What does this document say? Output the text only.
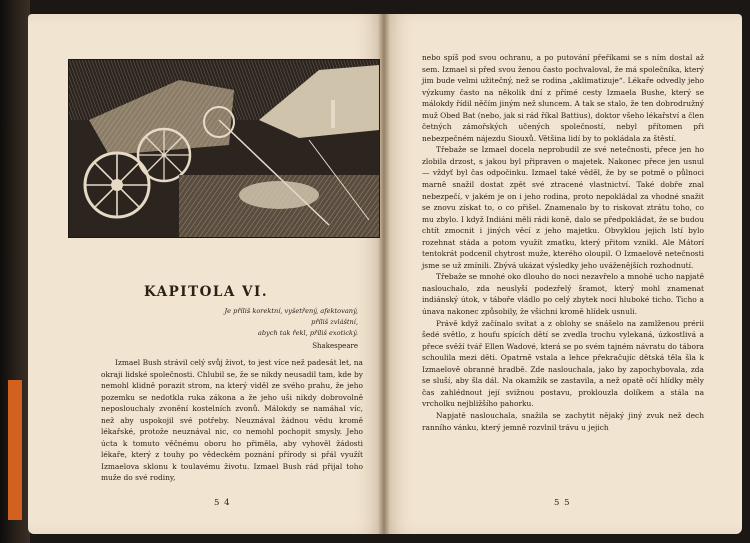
KAPITOLA VI.
Je příliš korektní, vyšetřený, afektovaný,
příliš zvláštní,
abych tak řekl, příliš exotický.
Shakespeare
Izmael Bush strávil celý svůj život, to jest více než padesát let, na okraji lidské společnosti. Chlubil se, že se nikdy neusadil tam, kde by nemohl klidně porazit strom, na který viděl ze svého prahu, že jeho pozemku se nedotkla ruka zákona a že jeho uši nikdy dobrovolně neposlouchaly zvonění kostelních zvonů. Málokdy se namáhal víc, než aby uspokojil své potřeby. Neuznával žádnou vědu kromě lékařské, protože neuznával nic, co nemohl pochopit smysly. Jeho úcta k tomuto věčnému oboru ho přiměla, aby vyhověl žádosti lékaře, který z touhy po vědeckém poznání přírody si přál využít Izmaelova sklonu k toulavému životu. Izmael Bush rád přijal toho muže do své rodiny,
5 4

nebo spíš pod svou ochranu, a po putování přeříkami se s ním dostal až sem. Izmael si před svou ženou často pochvaloval, že má společníka, který jim bude velmi užitečný, než se rodina „aklimatizuje“. Lékaře odvedly jeho výzkumy často na několik dní z přímé cesty Izmaela Bushe, který se málokdy řídil něčím jiným než sluncem. A tak se stalo, že ten dobrodružný muž Obed Bat (nebo, jak si rád říkal Battius), doktor všeho lékařství a člen četných zámořských učených společností, nebyl přítomen při nebezpečném nájezdu Siouxů. Většina lidí by to pokládala za štěstí.

Třebaže se Izmael docela neprobudil ze své netečnosti, přece jen ho zlobila drzost, s jakou byl připraven o majetek. Nakonec přece jen usnul — vždyť byl čas odpočinku. Izmael také věděl, že by se potmě o půlnoci marně snažil dostat zpět své ztracené vlastnictví. Také dobře znal nebezpečí, v jakém je on i jeho rodina, proto nepokládal za vhodné snažit se znovu získat to, o co přišel. Znamenalo by to riskovat ztrátu toho, co mu zbylo. I když Indiáni měli rádi koně, dalo se předpokládat, že se budou chtít zmocnit i jiných věcí z jeho majetku. Obvyklou jejich lstí bylo rozehnat stáda a potom využít zmatku, který přitom vznikl. Ale Mátorí tentokrát podcenil chytrost muže, kterého oloupil. O Izmaelově netečnosti jsme se už zmínili. Zbývá ukázat výsledky jeho uváženějších rozhodnutí.

Třebaže se mnohé oko dlouho do noci nezavřelo a mnohé ucho napjatě naslouchalo, zda neuslyší podezřelý šramot, který mohl znamenat indiánský útok, v táboře vládlo po celý zbytek noci hluboké ticho. Ticho a únava nakonec způsobily, že všichni kromě hlídek usnuli.

Právě když začínalo svítat a z oblohy se snášelo na zamlženou prérii šedé světlo, z houfu spících dětí se zvedla trochu vylekaná, úzkostlivá a přece svěží tvář Ellen Wadové, která se po svém tajném návratu do tábora schoulila mezi děti. Opatrně vstala a lehce překračujíc dětská těla šla k Izmaelově obranné hradbě. Zde naslouchala, jako by zapochybovala, zda se sluší, aby šla dál. Na okamžik se zastavila, a než opatě očí hlídky měly čas zahlédnout její svižnou postavu, proklouzla dolíkem a stála na vrcholku nejbližšího pahorku.

Napjatě naslouchala, snažila se zachytit nějaký jiný zvuk než dech ranního vánku, který jemně rozvlnil trávu u jejich

5 5
